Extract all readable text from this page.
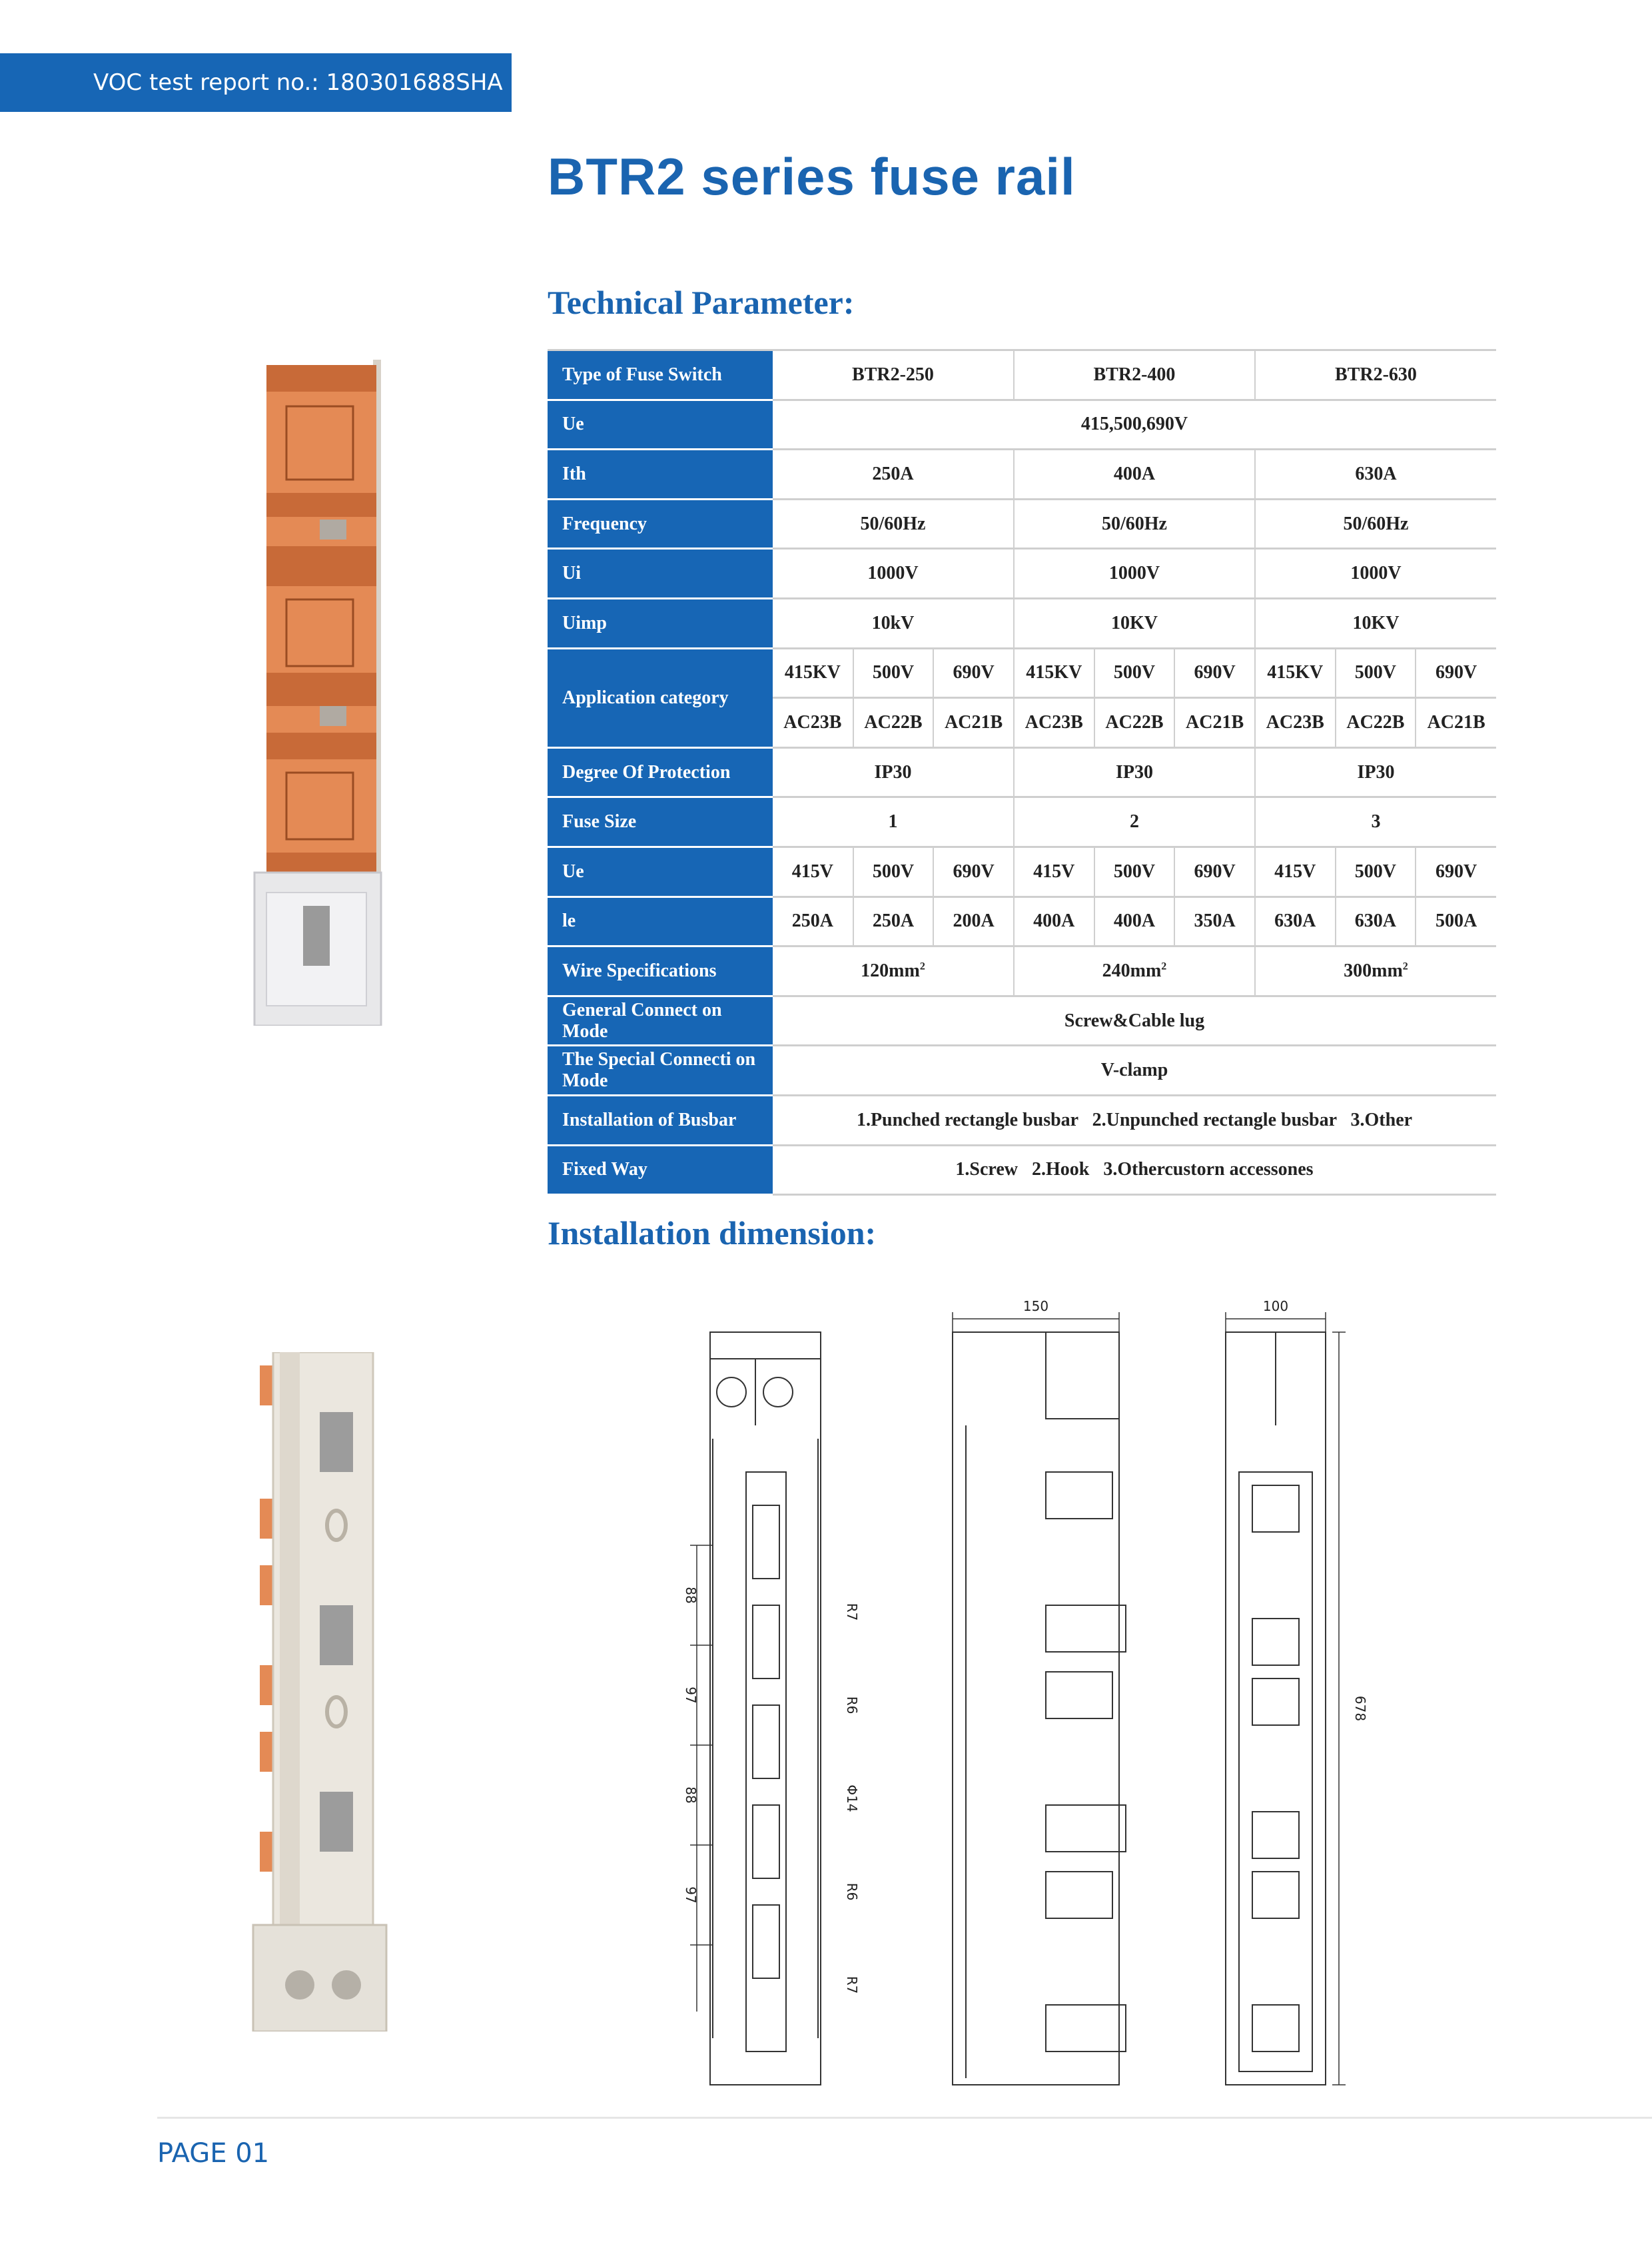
VOC test report no.: 180301688SHA
BTR2 series fuse rail
Technical Parameter:
Type of Fuse Switch	BTR2-250			BTR2-400			BTR2-630		
Ue	415,500,690V								
Ith	250A			400A			630A		
Frequency	50/60Hz			50/60Hz			50/60Hz		
Ui	1000V			1000V			1000V		
Uimp	10kV			10KV			10KV		
Application category	415KV	500V	690V	415KV	500V	690V	415KV	500V	690V
	AC23B	AC22B	AC21B	AC23B	AC22B	AC21B	AC23B	AC22B	AC21B
Degree Of Protection	IP30			IP30			IP30		
Fuse Size	1			2			3		
Ue	415V	500V	690V	415V	500V	690V	415V	500V	690V
le	250A	250A	200A	400A	400A	350A	630A	630A	500A
Wire Specifications	$120mm^2$			$240mm^2$			$300mm^2$
General Connect on Mode	Screw&Cable lug								
The Special Connecti on Mode	V-clamp								
Installation of Busbar	1.Punched rectangle busbar   2.Unpunched rectangle busbar   3.Other								
Fixed Way	1.Screw   2.Hook   3.Othercustorn accessones								
Installation dimension:
150	100
678
88
97
88
97
R7
R6
Φ14
R6
R7
PAGE 01
